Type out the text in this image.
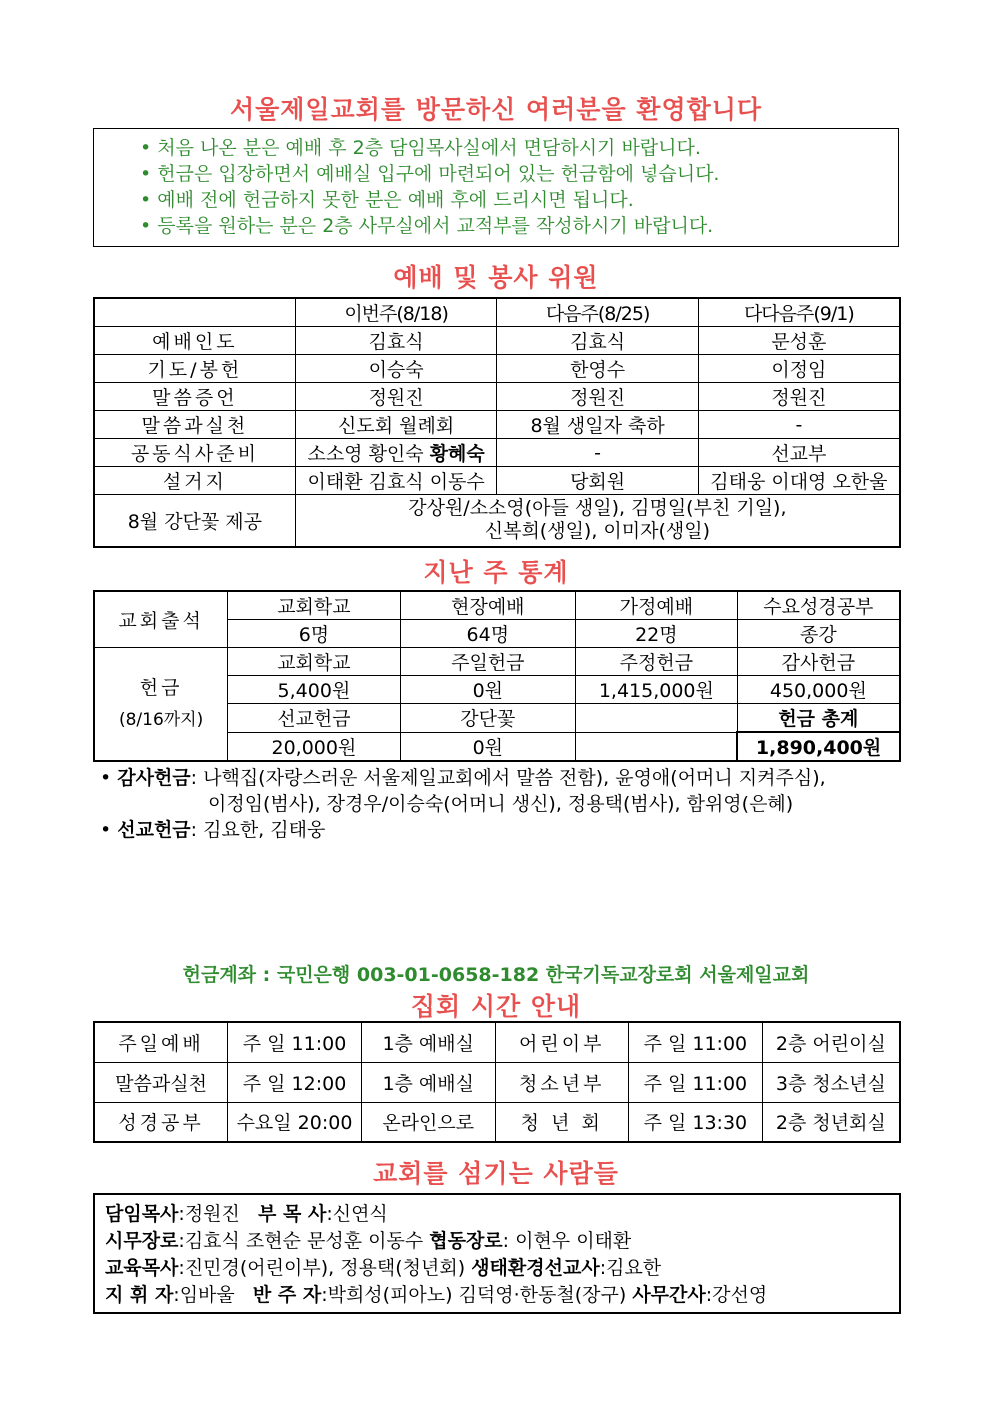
서울제일교회를 방문하신 여러분을 환영합니다
• 처음 나온 분은 예배 후 2층 담임목사실에서 면담하시기 바랍니다.
• 헌금은 입장하면서 예배실 입구에 마련되어 있는 헌금함에 넣습니다.
• 예배 전에 헌금하지 못한 분은 예배 후에 드리시면 됩니다.
• 등록을 원하는 분은 2층 사무실에서 교적부를 작성하시기 바랍니다.
예배 및 봉사 위원
	이번주(8/18)	다음주(8/25)	다다음주(9/1)
예배인도	김효식	김효식	문성훈
기도/봉헌	이승숙	한영수	이정임
말씀증언	정원진	정원진	정원진
말씀과실천	신도회 월례회	8월 생일자 축하	-
공동식사준비	소소영 황인숙 황혜숙	-	선교부
설거지	이태환 김효식 이동수	당회원	김태웅 이대영 오한울
8월 강단꽃 제공	강상원/소소영(아들 생일), 김명일(부친 기일),
신복희(생일), 이미자(생일)		
지난 주 통계
교회출석	교회학교	현장예배	가정예배	수요성경공부
	6명	64명	22명	종강

헌금
(8/16까지)	교회학교	주일헌금	주정헌금	감사헌금
	5,400원	0원	1,415,000원	450,000원
	선교헌금	강단꽃		헌금 총계
	20,000원	0원		1,890,400원
• 감사헌금: 나핵집(자랑스러운 서울제일교회에서 말씀 전함), 윤영애(어머니 지켜주심),
이정임(범사), 장경우/이승숙(어머니 생신), 정용택(범사), 함위영(은혜)
• 선교헌금: 김요한, 김태웅
헌금계좌 : 국민은행 003-01-0658-182 한국기독교장로회 서울제일교회
집회 시간 안내
주일예배	주 일 11:00	1층 예배실	어린이부	주 일 11:00	2층 어린이실
말씀과실천	주 일 12:00	1층 예배실	청소년부	주 일 11:00	3층 청소년실
성경공부	수요일 20:00	온라인으로	청 년 회	주 일 13:30	2층 청년회실
교회를 섬기는 사람들
담임목사:정원진   부 목 사:신연식
시무장로:김효식 조현순 문성훈 이동수 협동장로: 이현우 이태환
교육목사:진민경(어린이부), 정용택(청년회) 생태환경선교사:김요한
지 휘 자:임바울   반 주 자:박희성(피아노) 김덕영·한동철(장구) 사무간사:강선영
